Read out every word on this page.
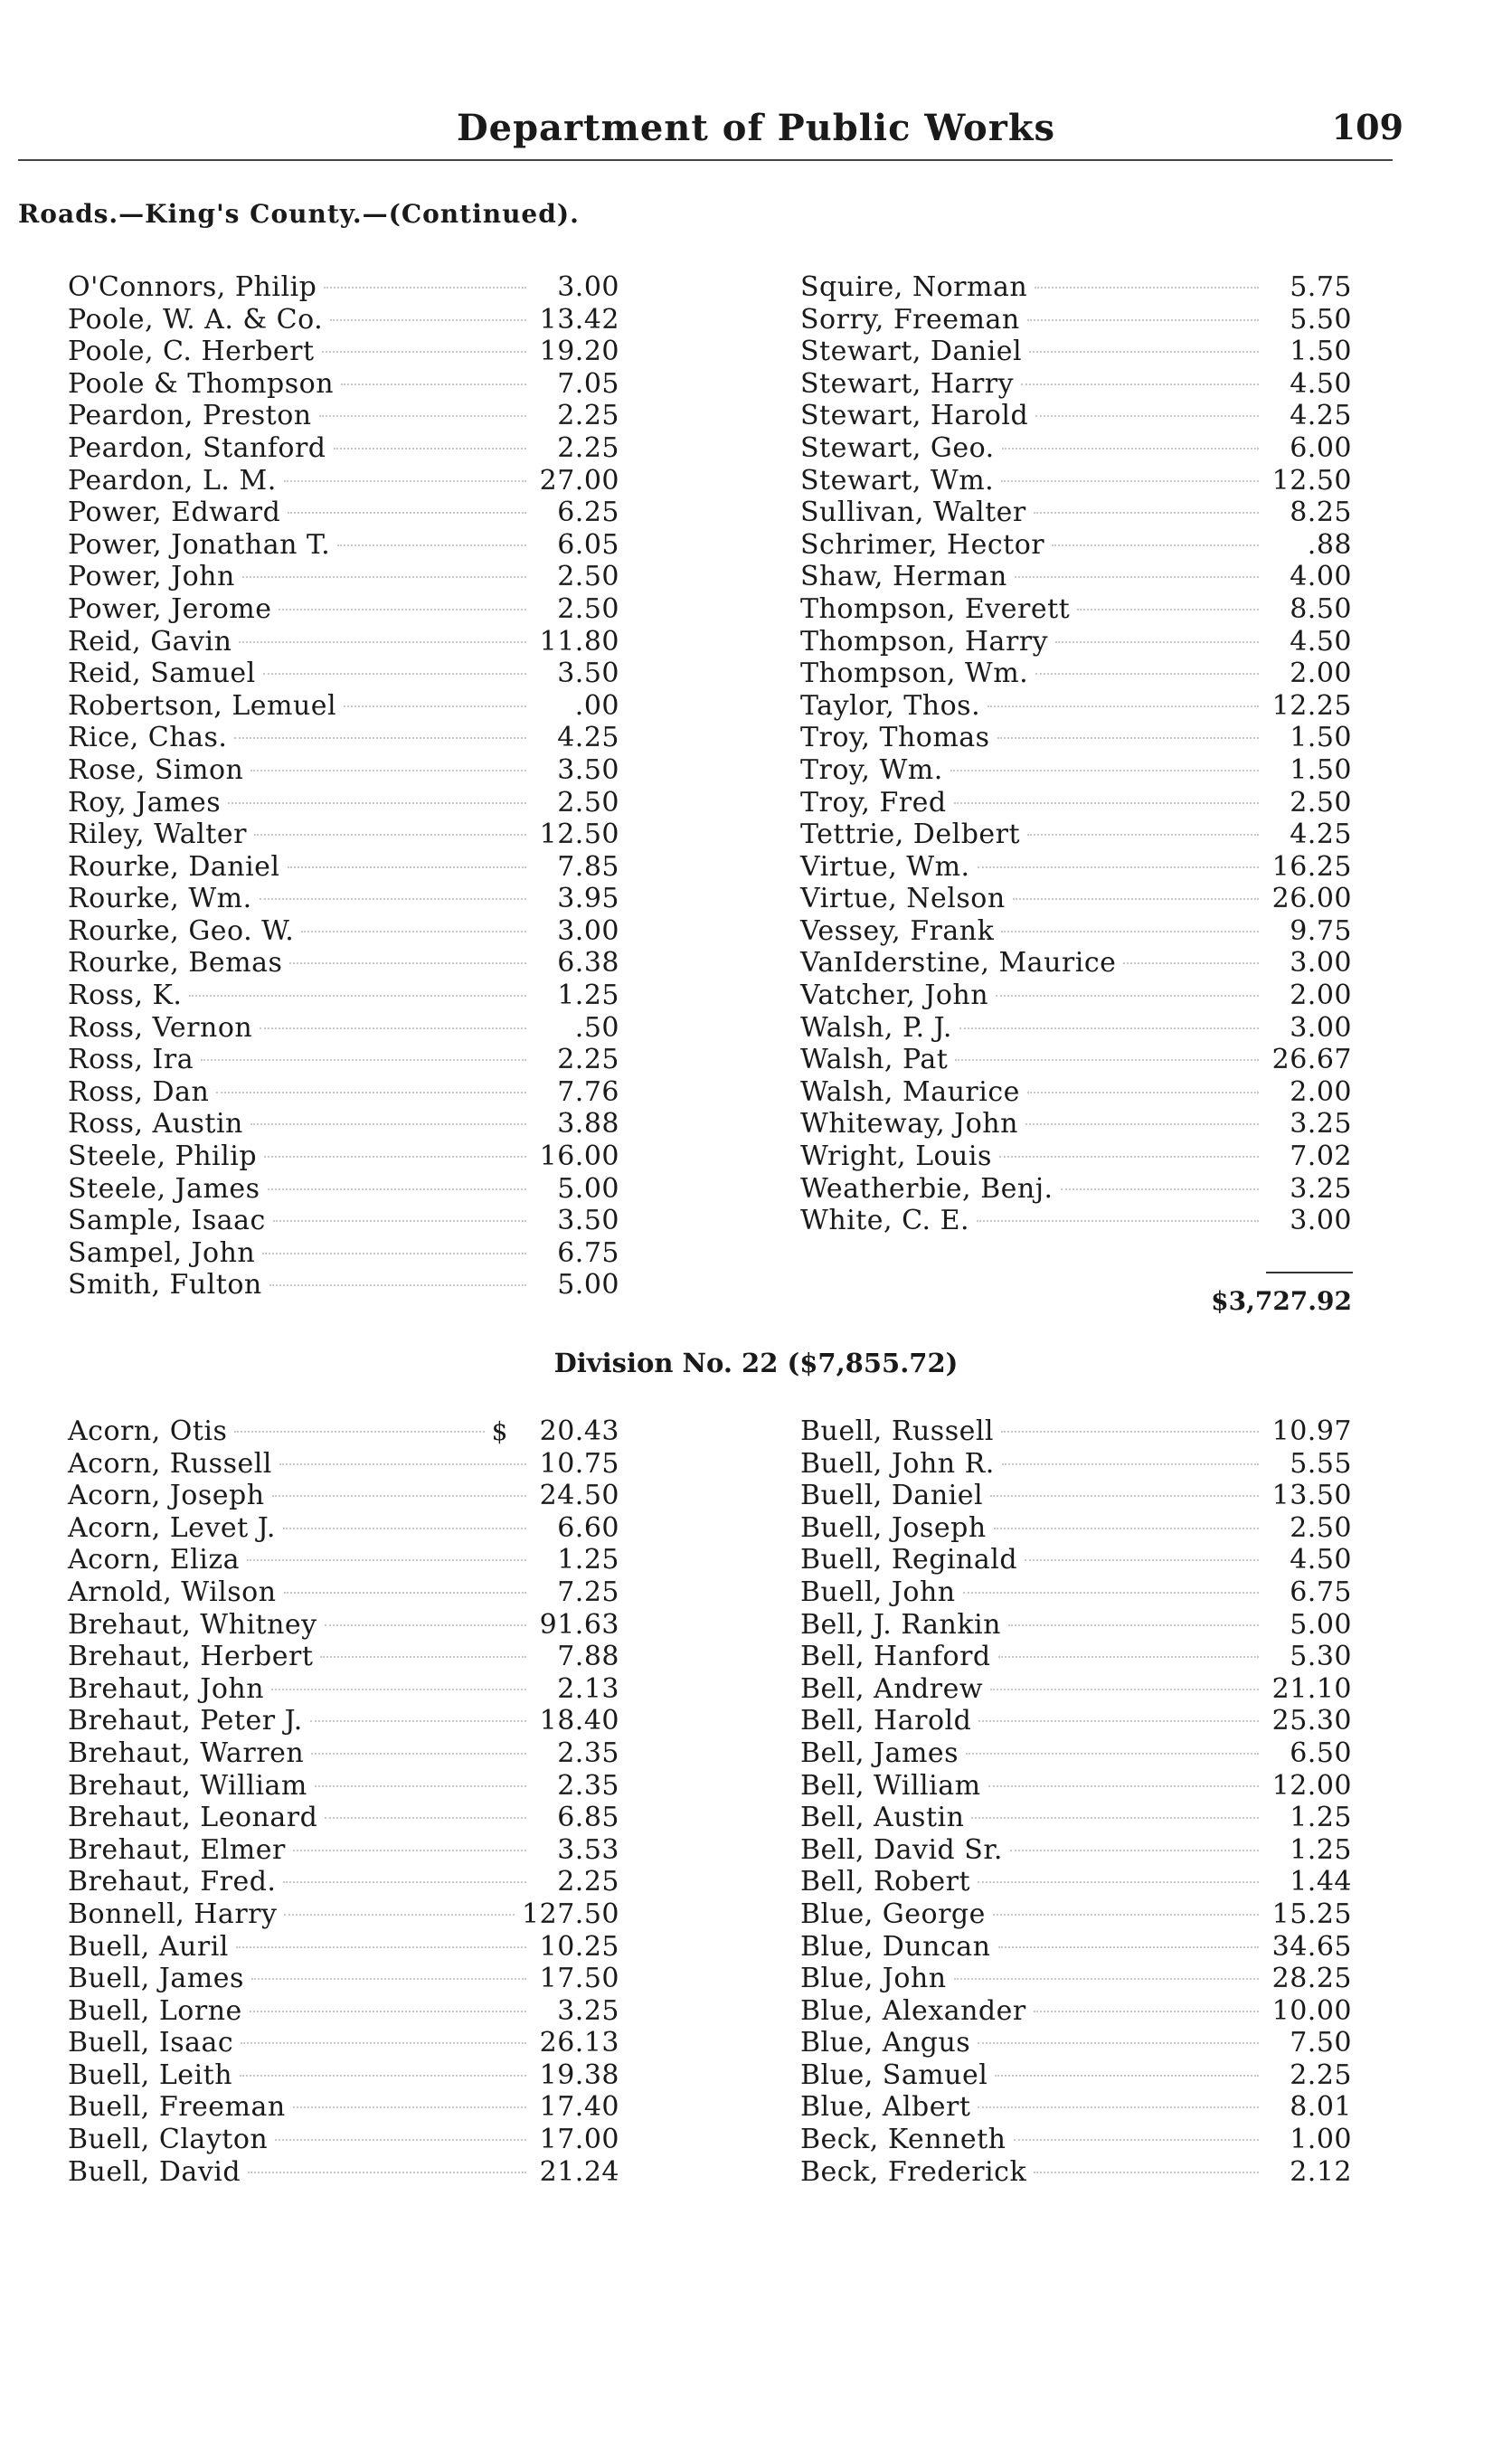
Department of Public Works	109
Roads.—King's County.—(Continued).
O'Connors, Philip	3.00
Poole, W. A. & Co.	13.42
Poole, C. Herbert	19.20
Poole & Thompson	7.05
Peardon, Preston	2.25
Peardon, Stanford	2.25
Peardon, L. M.	27.00
Power, Edward	6.25
Power, Jonathan T.	6.05
Power, John	2.50
Power, Jerome	2.50
Reid, Gavin	11.80
Reid, Samuel	3.50
Robertson, Lemuel	.00
Rice, Chas.	4.25
Rose, Simon	3.50
Roy, James	2.50
Riley, Walter	12.50
Rourke, Daniel	7.85
Rourke, Wm.	3.95
Rourke, Geo. W.	3.00
Rourke, Bemas	6.38
Ross, K.	1.25
Ross, Vernon	.50
Ross, Ira	2.25
Ross, Dan	7.76
Ross, Austin	3.88
Steele, Philip	16.00
Steele, James	5.00
Sample, Isaac	3.50
Sampel, John	6.75
Smith, Fulton	5.00
Squire, Norman	5.75
Sorry, Freeman	5.50
Stewart, Daniel	1.50
Stewart, Harry	4.50
Stewart, Harold	4.25
Stewart, Geo.	6.00
Stewart, Wm.	12.50
Sullivan, Walter	8.25
Schrimer, Hector	.88
Shaw, Herman	4.00
Thompson, Everett	8.50
Thompson, Harry	4.50
Thompson, Wm.	2.00
Taylor, Thos.	12.25
Troy, Thomas	1.50
Troy, Wm.	1.50
Troy, Fred	2.50
Tettrie, Delbert	4.25
Virtue, Wm.	16.25
Virtue, Nelson	26.00
Vessey, Frank	9.75
VanIderstine, Maurice	3.00
Vatcher, John	2.00
Walsh, P. J.	3.00
Walsh, Pat	26.67
Walsh, Maurice	2.00
Whiteway, John	3.25
Wright, Louis	7.02
Weatherbie, Benj.	3.25
White, C. E.	3.00
$3,727.92
Division No. 22 ($7,855.72)
Acorn, Otis	$ 20.43
Acorn, Russell	10.75
Acorn, Joseph	24.50
Acorn, Levet J.	6.60
Acorn, Eliza	1.25
Arnold, Wilson	7.25
Brehaut, Whitney	91.63
Brehaut, Herbert	7.88
Brehaut, John	2.13
Brehaut, Peter J.	18.40
Brehaut, Warren	2.35
Brehaut, William	2.35
Brehaut, Leonard	6.85
Brehaut, Elmer	3.53
Brehaut, Fred.	2.25
Bonnell, Harry	127.50
Buell, Auril	10.25
Buell, James	17.50
Buell, Lorne	3.25
Buell, Isaac	26.13
Buell, Leith	19.38
Buell, Freeman	17.40
Buell, Clayton	17.00
Buell, David	21.24
Buell, Russell	10.97
Buell, John R.	5.55
Buell, Daniel	13.50
Buell, Joseph	2.50
Buell, Reginald	4.50
Buell, John	6.75
Bell, J. Rankin	5.00
Bell, Hanford	5.30
Bell, Andrew	21.10
Bell, Harold	25.30
Bell, James	6.50
Bell, William	12.00
Bell, Austin	1.25
Bell, David Sr.	1.25
Bell, Robert	1.44
Blue, George	15.25
Blue, Duncan	34.65
Blue, John	28.25
Blue, Alexander	10.00
Blue, Angus	7.50
Blue, Samuel	2.25
Blue, Albert	8.01
Beck, Kenneth	1.00
Beck, Frederick	2.12
